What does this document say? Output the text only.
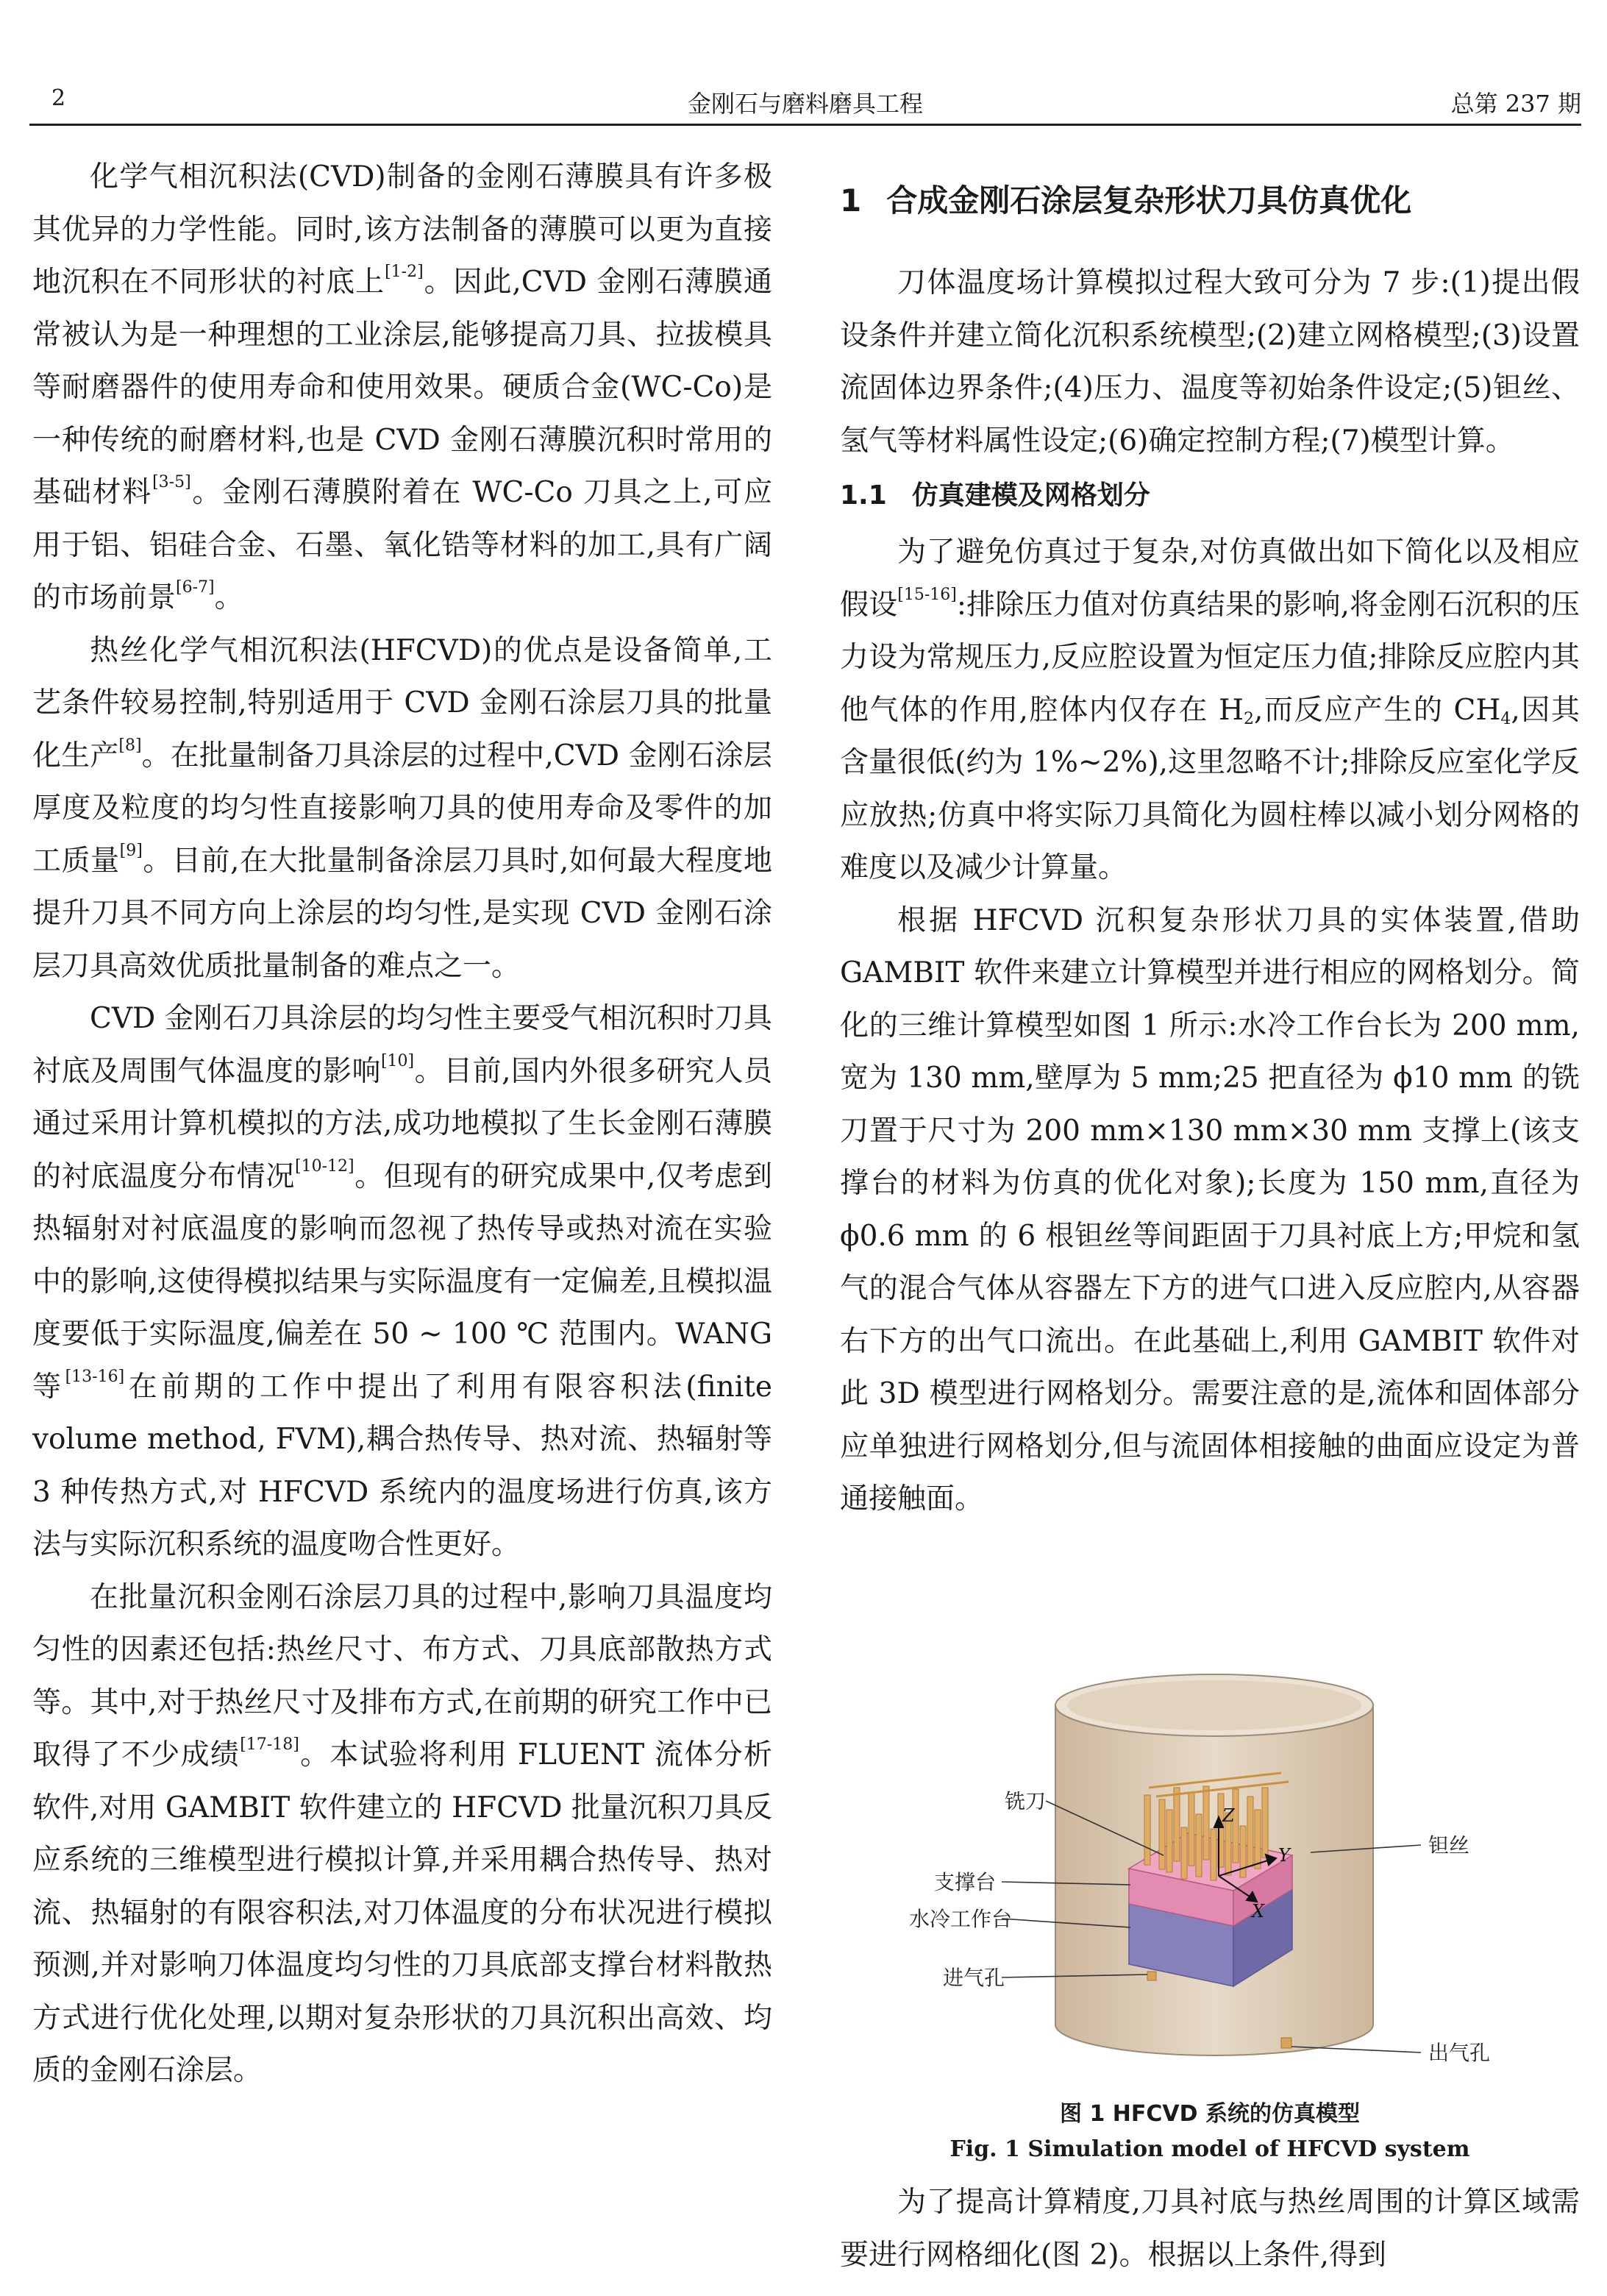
2	金刚石与磨料磨具工程	总第 237 期

化学气相沉积法(CVD)制备的金刚石薄膜具有许多极其优异的力学性能。同时,该方法制备的薄膜可以更为直接地沉积在不同形状的衬底上[1-2]。因此,CVD 金刚石薄膜通常被认为是一种理想的工业涂层,能够提高刀具、拉拔模具等耐磨器件的使用寿命和使用效果。硬质合金(WC-Co)是一种传统的耐磨材料,也是 CVD 金刚石薄膜沉积时常用的基础材料[3-5]。金刚石薄膜附着在 WC-Co 刀具之上,可应用于铝、铝硅合金、石墨、氧化锆等材料的加工,具有广阔的市场前景[6-7]。

热丝化学气相沉积法(HFCVD)的优点是设备简单,工艺条件较易控制,特别适用于 CVD 金刚石涂层刀具的批量化生产[8]。在批量制备刀具涂层的过程中,CVD 金刚石涂层厚度及粒度的均匀性直接影响刀具的使用寿命及零件的加工质量[9]。目前,在大批量制备涂层刀具时,如何最大程度地提升刀具不同方向上涂层的均匀性,是实现 CVD 金刚石涂层刀具高效优质批量制备的难点之一。

CVD 金刚石刀具涂层的均匀性主要受气相沉积时刀具衬底及周围气体温度的影响[10]。目前,国内外很多研究人员通过采用计算机模拟的方法,成功地模拟了生长金刚石薄膜的衬底温度分布情况[10-12]。但现有的研究成果中,仅考虑到热辐射对衬底温度的影响而忽视了热传导或热对流在实验中的影响,这使得模拟结果与实际温度有一定偏差,且模拟温度要低于实际温度,偏差在 50 ~ 100 ℃ 范围内。WANG 等[13-16]在前期的工作中提出了利用有限容积法(finite volume method, FVM),耦合热传导、热对流、热辐射等 3 种传热方式,对 HFCVD 系统内的温度场进行仿真,该方法与实际沉积系统的温度吻合性更好。

在批量沉积金刚石涂层刀具的过程中,影响刀具温度均匀性的因素还包括:热丝尺寸、布方式、刀具底部散热方式等。其中,对于热丝尺寸及排布方式,在前期的研究工作中已取得了不少成绩[17-18]。本试验将利用 FLUENT 流体分析软件,对用 GAMBIT 软件建立的 HFCVD 批量沉积刀具反应系统的三维模型进行模拟计算,并采用耦合热传导、热对流、热辐射的有限容积法,对刀体温度的分布状况进行模拟预测,并对影响刀体温度均匀性的刀具底部支撑台材料散热方式进行优化处理,以期对复杂形状的刀具沉积出高效、均质的金刚石涂层。

1 合成金刚石涂层复杂形状刀具仿真优化

刀体温度场计算模拟过程大致可分为 7 步:(1)提出假设条件并建立简化沉积系统模型;(2)建立网格模型;(3)设置流固体边界条件;(4)压力、温度等初始条件设定;(5)钽丝、氢气等材料属性设定;(6)确定控制方程;(7)模型计算。

1.1 仿真建模及网格划分

为了避免仿真过于复杂,对仿真做出如下简化以及相应假设[15-16]:排除压力值对仿真结果的影响,将金刚石沉积的压力设为常规压力,反应腔设置为恒定压力值;排除反应腔内其他气体的作用,腔体内仅存在 $H_2$,而反应产生的 $CH_4$,因其含量很低(约为 1%~2%),这里忽略不计;排除反应室化学反应放热;仿真中将实际刀具简化为圆柱棒以减小划分网格的难度以及减少计算量。

根据 HFCVD 沉积复杂形状刀具的实体装置,借助 GAMBIT 软件来建立计算模型并进行相应的网格划分。简化的三维计算模型如图 1 所示:水冷工作台长为 200 mm,宽为 130 mm,壁厚为 5 mm;25 把直径为 ϕ10 mm 的铣刀置于尺寸为 200 mm×130 mm×30 mm 支撑上(该支撑台的材料为仿真的优化对象);长度为 150 mm,直径为 ϕ0.6 mm 的 6 根钽丝等间距固于刀具衬底上方;甲烷和氢气的混合气体从容器左下方的进气口进入反应腔内,从容器右下方的出气口流出。在此基础上,利用 GAMBIT 软件对此 3D 模型进行网格划分。需要注意的是,流体和固体部分应单独进行网格划分,但与流固体相接触的曲面应设定为普通接触面。

Z
Y
X
铣刀
钽丝
支撑台
水冷工作台
进气孔
出气孔
图 1 HFCVD 系统的仿真模型
Fig. 1 Simulation model of HFCVD system

为了提高计算精度,刀具衬底与热丝周围的计算区域需要进行网格细化(图 2)。根据以上条件,得到
